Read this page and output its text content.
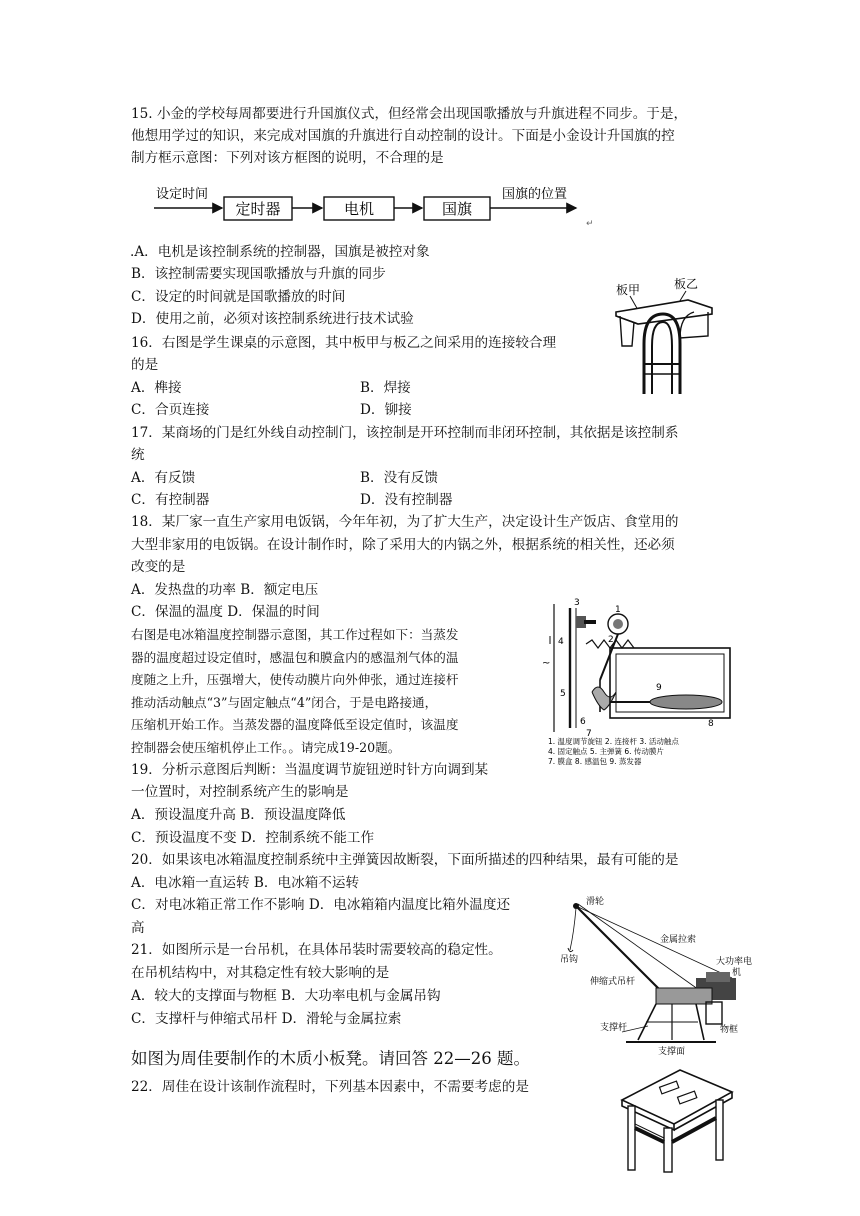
15. 小金的学校每周都要进行升国旗仪式，但经常会出现国歌播放与升旗进程不同步。于是，
他想用学过的知识，来完成对国旗的升旗进行自动控制的设计。下面是小金设计升国旗的控
制方框示意图：下列对该方框图的说明，不合理的是
设定时间
定时器	电机	国旗
国旗的位置
↵
.A．电机是该控制系统的控制器，国旗是被控对象
B．该控制需要实现国歌播放与升旗的同步
C．设定的时间就是国歌播放的时间
D．使用之前，必须对该控制系统进行技术试验
板甲	板乙
16．右图是学生课桌的示意图，其中板甲与板乙之间采用的连接较合理
的是
A．榫接	B．焊接
C．合页连接	D．铆接
17．某商场的门是红外线自动控制门，该控制是开环控制而非闭环控制，其依据是该控制系
统
A．有反馈	B．没有反馈
C．有控制器	D．没有控制器
18．某厂家一直生产家用电饭锅，今年年初，为了扩大生产，决定设计生产饭店、食堂用的
大型非家用的电饭锅。在设计制作时，除了采用大的内锅之外，根据系统的相关性，还必须
改变的是
A．发热盘的功率 B．额定电压
C．保温的温度 D．保温的时间
右图是电冰箱温度控制器示意图，其工作过程如下：当蒸发
器的温度超过设定值时，感温包和膜盒内的感温剂气体的温
度随之上升，压强增大，使传动膜片向外伸张，通过连接杆
推动活动触点“3”与固定触点“4”闭合，于是电路接通，
压缩机开始工作。当蒸发器的温度降低至设定值时，该温度
控制器会使压缩机停止工作。。请完成19-20题。
~
1
2
3
4
5
6
7
8
9
1. 温度调节旋钮 2. 连接杆 3. 活动触点
4. 固定触点 5. 主弹簧 6. 传动膜片
7. 膜盒 8. 感温包 9. 蒸发器
19．分析示意图后判断：当温度调节旋钮逆时针方向调到某
一位置时，对控制系统产生的影响是
A．预设温度升高 B．预设温度降低
C．预设温度不变 D．控制系统不能工作
20．如果该电冰箱温度控制系统中主弹簧因故断裂，下面所描述的四种结果，最有可能的是
A．电冰箱一直运转 B．电冰箱不运转
C．对电冰箱正常工作不影响 D．电冰箱箱内温度比箱外温度还
高
滑轮
吊钩
金属拉索
大功率电
机
伸缩式吊杆
支撑杆	物框
支撑面
21．如图所示是一台吊机，在具体吊装时需要较高的稳定性。
在吊机结构中，对其稳定性有较大影响的是
A．较大的支撑面与物框 B．大功率电机与金属吊钩
C．支撑杆与伸缩式吊杆 D．滑轮与金属拉索
如图为周佳要制作的木质小板凳。请回答 22—26 题。
22．周佳在设计该制作流程时，下列基本因素中，不需要考虑的是
